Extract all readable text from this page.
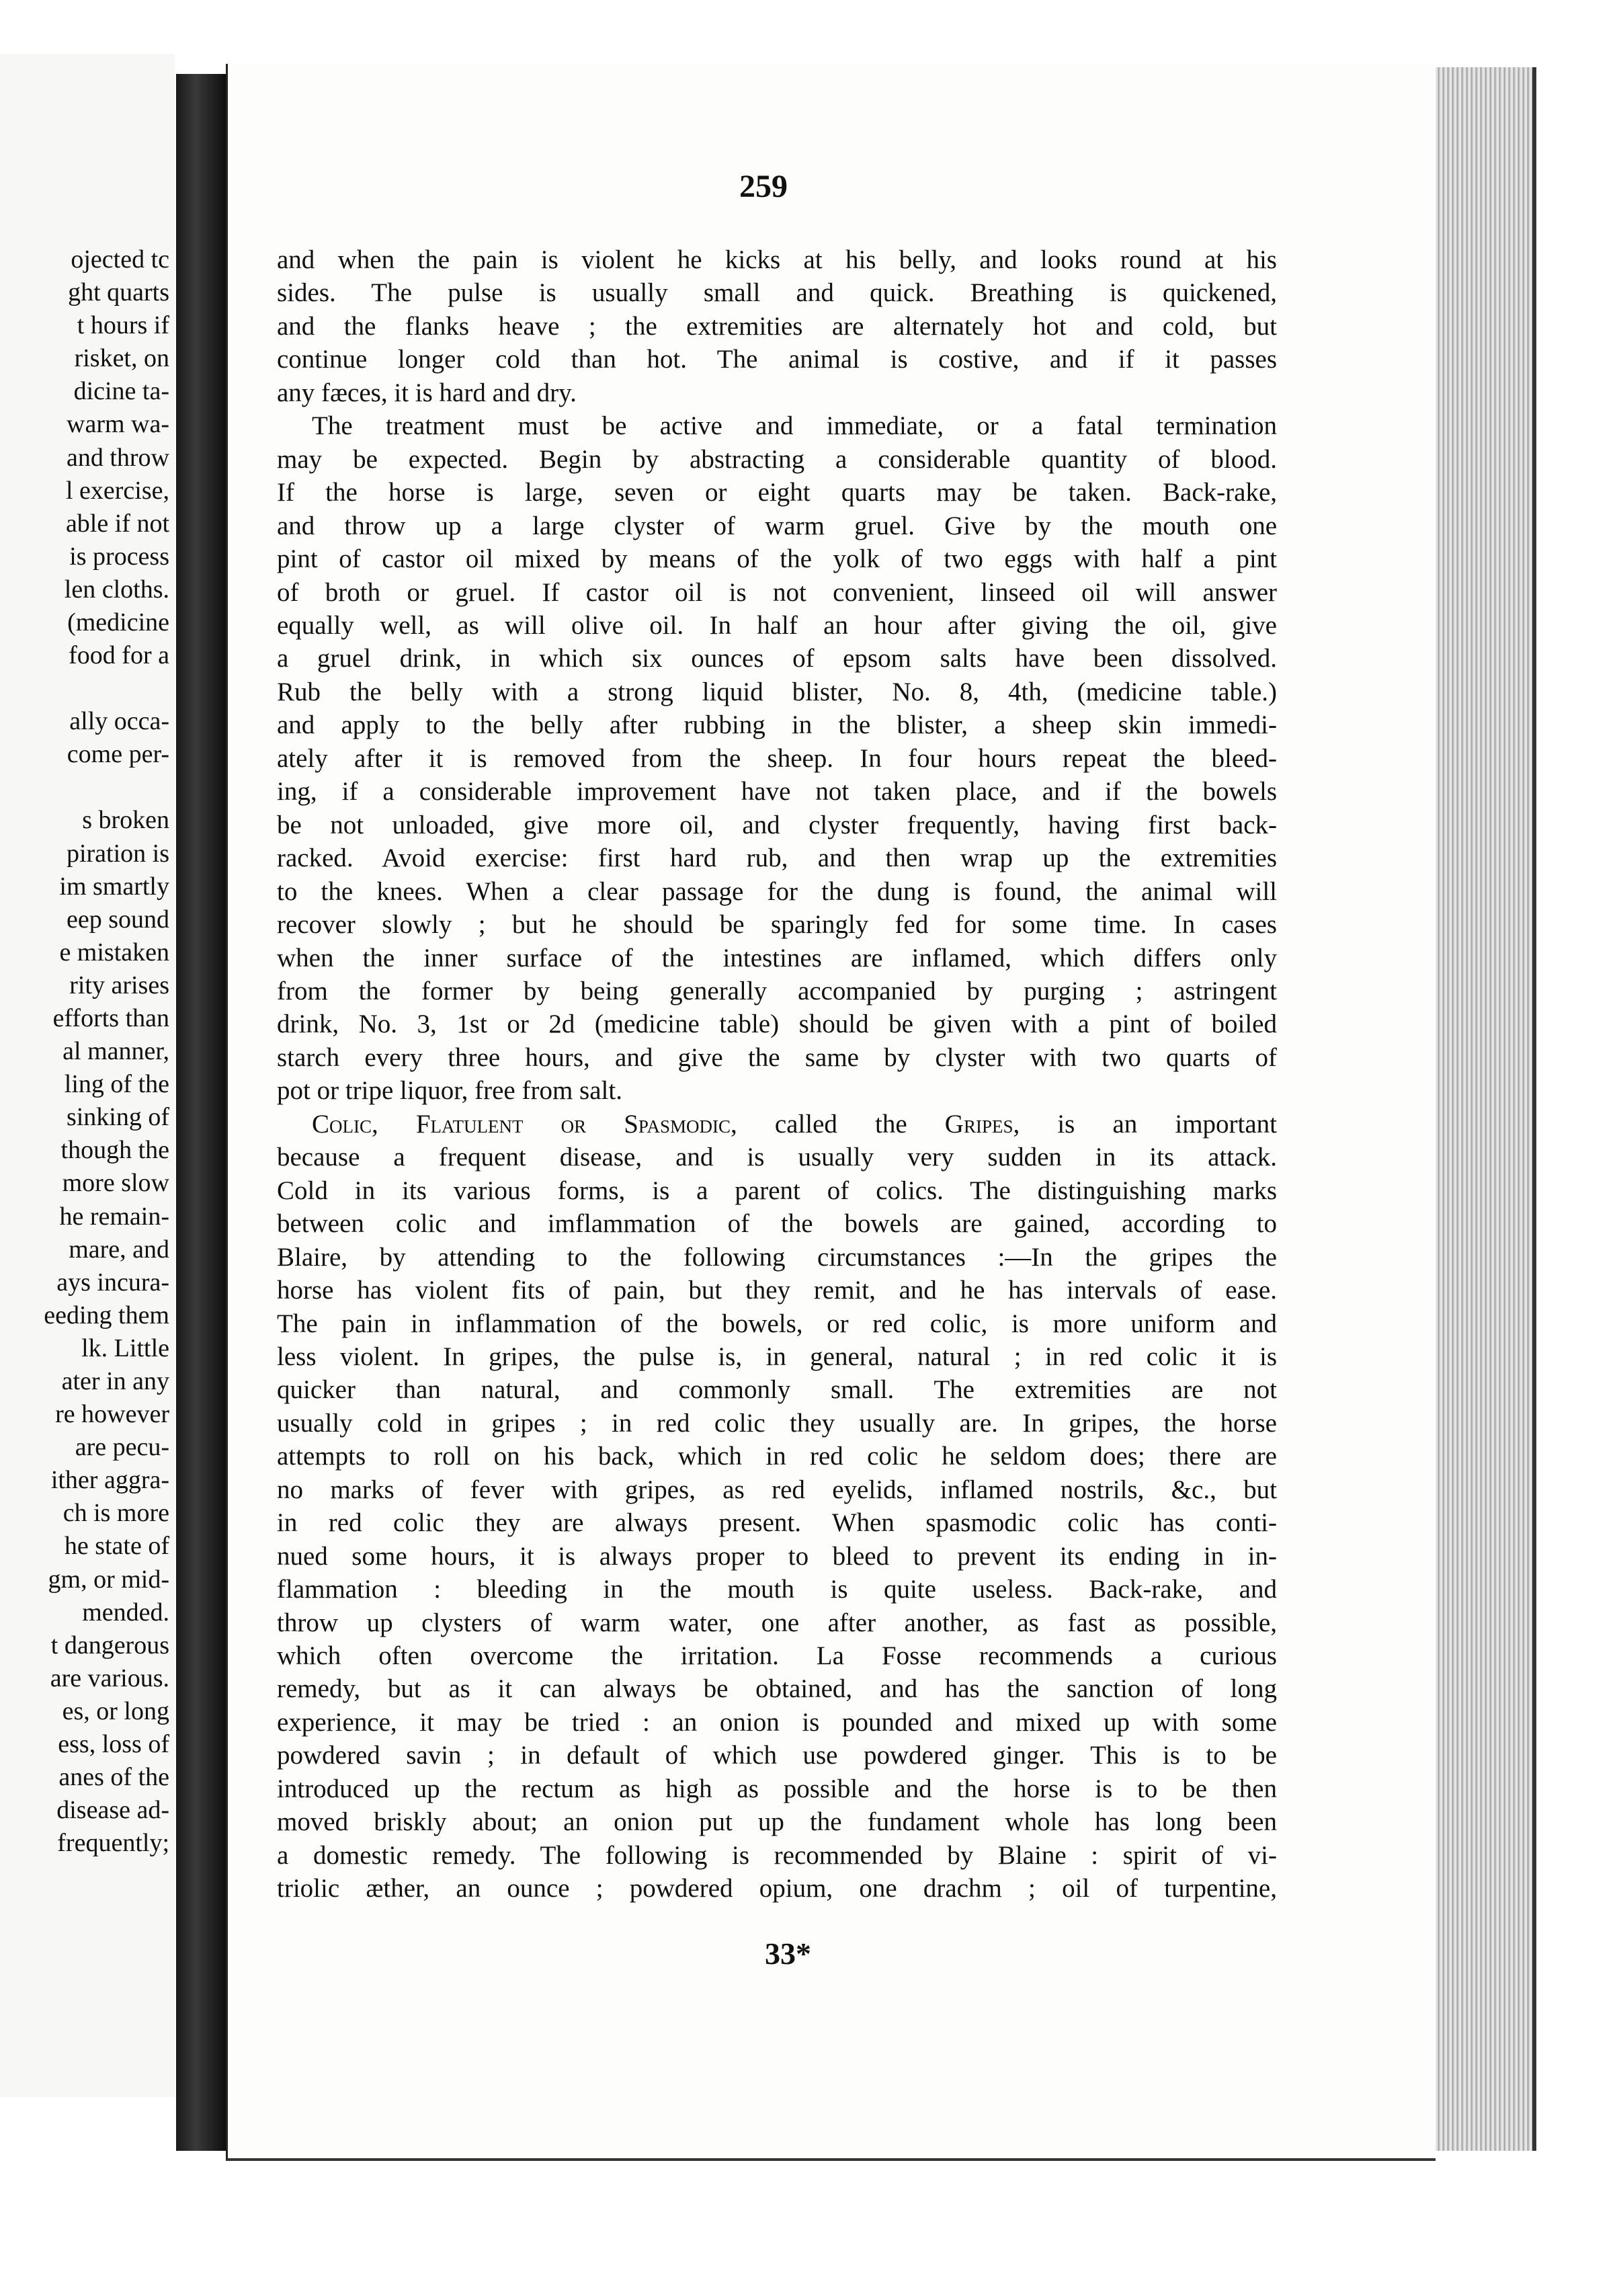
ojected tc
ght quarts
t hours if
risket, on
dicine ta-
warm wa-
and throw
l exercise,
able if not
is process
len cloths.
(medicine
food for a
ally occa-
come per-
s broken
piration is
im smartly
eep sound
e mistaken
rity arises
efforts than
al manner,
ling of the
sinking of
though the
more slow
he remain-
mare, and
ays incura-
eeding them
lk. Little
ater in any
re however
are pecu-
ither aggra-
ch is more
he state of
gm, or mid-
mended.
t dangerous
are various.
es, or long
ess, loss of
anes of the
disease ad-
frequently;
259
and when the pain is violent he kicks at his belly, and looks round at his
sides. The pulse is usually small and quick. Breathing is quickened,
and the flanks heave ; the extremities are alternately hot and cold, but
continue longer cold than hot. The animal is costive, and if it passes
any fæces, it is hard and dry.
The treatment must be active and immediate, or a fatal termination
may be expected. Begin by abstracting a considerable quantity of blood.
If the horse is large, seven or eight quarts may be taken. Back-rake,
and throw up a large clyster of warm gruel. Give by the mouth one
pint of castor oil mixed by means of the yolk of two eggs with half a pint
of broth or gruel. If castor oil is not convenient, linseed oil will answer
equally well, as will olive oil. In half an hour after giving the oil, give
a gruel drink, in which six ounces of epsom salts have been dissolved.
Rub the belly with a strong liquid blister, No. 8, 4th, (medicine table.)
and apply to the belly after rubbing in the blister, a sheep skin immedi-
ately after it is removed from the sheep. In four hours repeat the bleed-
ing, if a considerable improvement have not taken place, and if the bowels
be not unloaded, give more oil, and clyster frequently, having first back-
racked. Avoid exercise: first hard rub, and then wrap up the extremities
to the knees. When a clear passage for the dung is found, the animal will
recover slowly ; but he should be sparingly fed for some time. In cases
when the inner surface of the intestines are inflamed, which differs only
from the former by being generally accompanied by purging ; astringent
drink, No. 3, 1st or 2d (medicine table) should be given with a pint of boiled
starch every three hours, and give the same by clyster with two quarts of
pot or tripe liquor, free from salt.
Colic, Flatulent or Spasmodic, called the Gripes, is an important
because a frequent disease, and is usually very sudden in its attack.
Cold in its various forms, is a parent of colics. The distinguishing marks
between colic and imflammation of the bowels are gained, according to
Blaire, by attending to the following circumstances :—In the gripes the
horse has violent fits of pain, but they remit, and he has intervals of ease.
The pain in inflammation of the bowels, or red colic, is more uniform and
less violent. In gripes, the pulse is, in general, natural ; in red colic it is
quicker than natural, and commonly small. The extremities are not
usually cold in gripes ; in red colic they usually are. In gripes, the horse
attempts to roll on his back, which in red colic he seldom does; there are
no marks of fever with gripes, as red eyelids, inflamed nostrils, &c., but
in red colic they are always present. When spasmodic colic has conti-
nued some hours, it is always proper to bleed to prevent its ending in in-
flammation : bleeding in the mouth is quite useless. Back-rake, and
throw up clysters of warm water, one after another, as fast as possible,
which often overcome the irritation. La Fosse recommends a curious
remedy, but as it can always be obtained, and has the sanction of long
experience, it may be tried : an onion is pounded and mixed up with some
powdered savin ; in default of which use powdered ginger. This is to be
introduced up the rectum as high as possible and the horse is to be then
moved briskly about; an onion put up the fundament whole has long been
a domestic remedy. The following is recommended by Blaine : spirit of vi-
triolic æther, an ounce ; powdered opium, one drachm ; oil of turpentine,
33*
